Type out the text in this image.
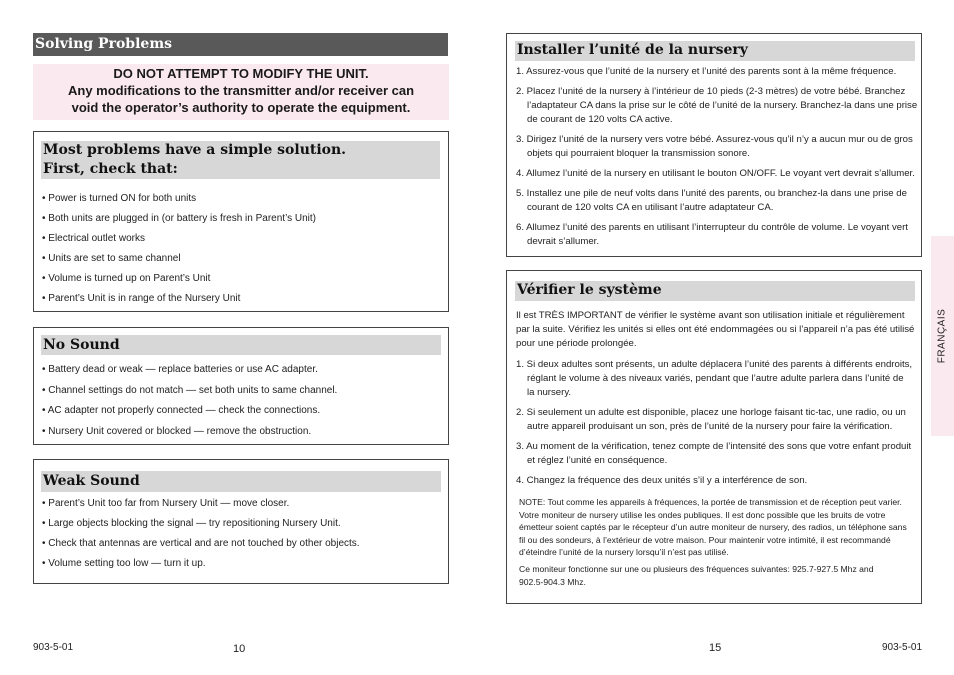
Solving Problems
DO NOT ATTEMPT TO MODIFY THE UNIT.
Any modifications to the transmitter and/or receiver can
void the operator’s authority to operate the equipment.
Most problems have a simple solution.
First, check that:
• Power is turned ON for both units
• Both units are plugged in (or battery is fresh in Parent’s Unit)
• Electrical outlet works
• Units are set to same channel
• Volume is turned up on Parent’s Unit
• Parent’s Unit is in range of the Nursery Unit
No Sound
• Battery dead or weak — replace batteries or use AC adapter.
• Channel settings do not match — set both units to same channel.
• AC adapter not properly connected — check the connections.
• Nursery Unit covered or blocked — remove the obstruction.
Weak Sound
• Parent’s Unit too far from Nursery Unit — move closer.
• Large objects blocking the signal — try repositioning Nursery Unit.
• Check that antennas are vertical and are not touched by other objects.
• Volume setting too low — turn it up.
903-5-01	10
Installer l’unité de la nursery
1. Assurez-vous que l’unité de la nursery et l’unité des parents sont à la même fréquence.
2. Placez l’unité de la nursery à l’intérieur de 10 pieds (2-3 mètres) de votre bébé. Branchez
l’adaptateur CA dans la prise sur le côté de l’unité de la nursery. Branchez-la dans une prise
de courant de 120 volts CA active.
3. Dirigez l’unité de la nursery vers votre bébé. Assurez-vous qu’il n’y a aucun mur ou de gros
objets qui pourraient bloquer la transmission sonore.
4. Allumez l’unité de la nursery en utilisant le bouton ON/OFF. Le voyant vert devrait s’allumer.
5. Installez une pile de neuf volts dans l’unité des parents, ou branchez-la dans une prise de
courant de 120 volts CA en utilisant l’autre adaptateur CA.
6. Allumez l’unité des parents en utilisant l’interrupteur du contrôle de volume. Le voyant vert
devrait s’allumer.
Vérifier le système
Il est TRÈS IMPORTANT de vérifier le système avant son utilisation initiale et régulièrement
par la suite. Vérifiez les unités si elles ont été endommagées ou si l’appareil n’a pas été utilisé
pour une période prolongée.
1. Si deux adultes sont présents, un adulte déplacera l’unité des parents à différents endroits,
réglant le volume à des niveaux variés, pendant que l’autre adulte parlera dans l’unité de
la nursery.
2. Si seulement un adulte est disponible, placez une horloge faisant tic-tac, une radio, ou un
autre appareil produisant un son, près de l’unité de la nursery pour faire la vérification.
3. Au moment de la vérification, tenez compte de l’intensité des sons que votre enfant produit
et réglez l’unité en conséquence.
4. Changez la fréquence des deux unités s’il y a interférence de son.
NOTE: Tout comme les appareils à fréquences, la portée de transmission et de réception peut varier.
Votre moniteur de nursery utilise les ondes publiques. Il est donc possible que les bruits de votre
émetteur soient captés par le récepteur d’un autre moniteur de nursery, des radios, un téléphone sans
fil ou des sondeurs, à l’extérieur de votre maison. Pour maintenir votre intimité, il est recommandé
d’éteindre l’unité de la nursery lorsqu’il n’est pas utilisé.
Ce moniteur fonctionne sur une ou plusieurs des fréquences suivantes: 925.7-927.5 Mhz and
902.5-904.3 Mhz.
FRANÇAIS
15	903-5-01
